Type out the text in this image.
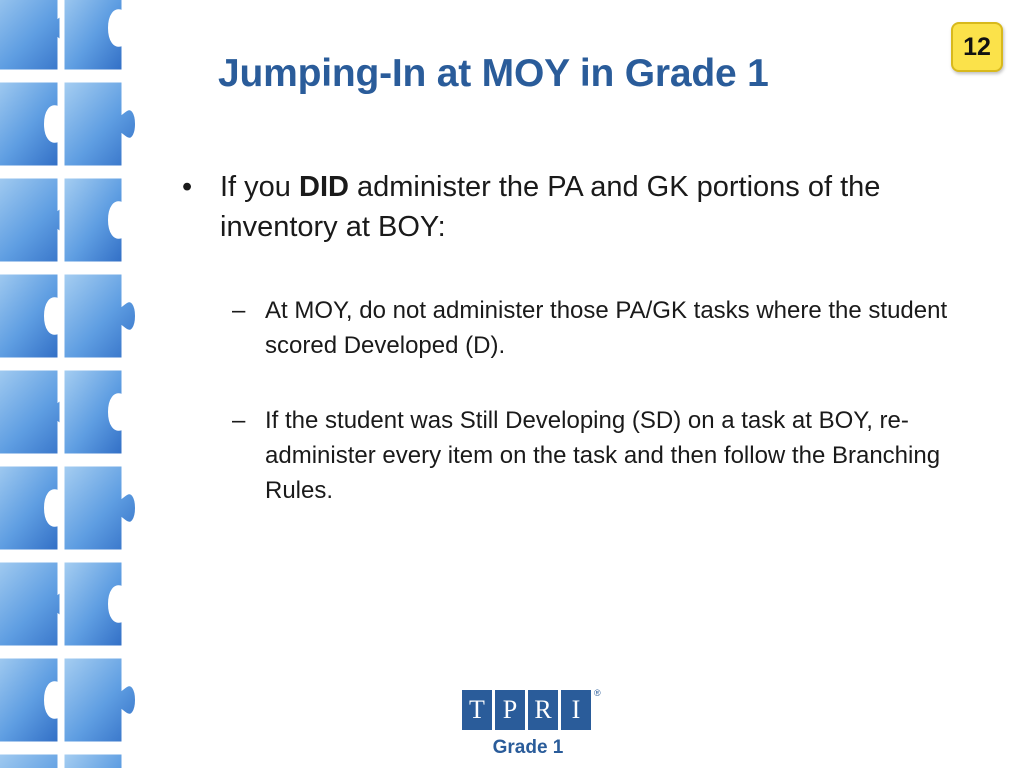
12
Jumping-In at MOY in Grade 1
• If you DID administer the PA and GK portions of the inventory at BOY:
– At MOY, do not administer those PA/GK tasks where the student scored Developed (D).
– If the student was Still Developing (SD) on a task at BOY, re-administer every item on the task and then follow the Branching Rules.
T P R I
®
Grade 1
